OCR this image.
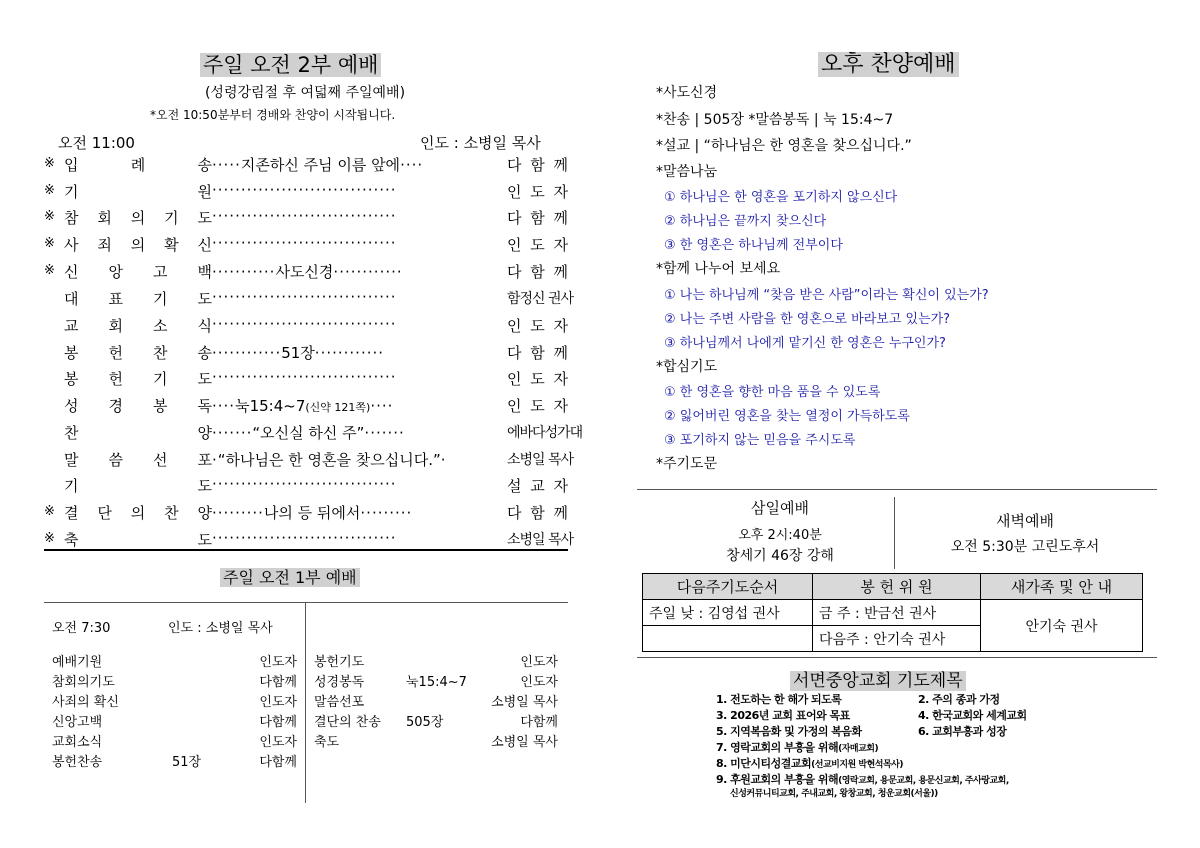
주일 오전 2부 예배
(성령강림절 후 여덟째 주일예배)
*오전 10:50분부터 경배와 찬양이 시작됩니다.
오전 11:00	인도 : 소병일 목사
※ 입	례	송 ·····지존하신 주님 이름 앞에····	다 함 께
※ 기	원 ································	인 도 자
※ 참 회 의 기 도 ································	다 함 께
※ 사 죄 의 확 신 ································	인 도 자
※ 신 앙 고 백 ···········사도신경············	다 함 께
대 표 기 도 ································	함정신 권사
교 회 소 식 ································	인 도 자
봉 헌 찬 송 ············51장············	다 함 께
봉 헌 기 도 ································	인 도 자
성 경 봉 독 ····눅15:4~7(신약 121쪽)····	인 도 자
찬	양 ·······“오신실 하신 주”·······	에바다성가대
말 씀 선 포 ·“하나님은 한 영혼을 찾으십니다.”·	소병일 목사
기	도 ································	설 교 자
※ 결 단 의 찬 양 ·········나의 등 뒤에서·········	다 함 께
※ 축	도 ································	소병일 목사
주일 오전 1부 예배
오전 7:30	인도 : 소병일 목사
예배기원	인도자
참회의기도	다함께
사죄의 확신	인도자
신앙고백	다함께
교회소식	인도자
봉헌찬송	51장	다함께
봉헌기도	인도자
성경봉독	눅15:4~7	인도자
말씀선포	소병일 목사
결단의 찬송 505장	다함께
축도	소병일 목사
오후 찬양예배
*사도신경
*찬송 | 505장 *말씀봉독 | 눅 15:4~7
*설교 | “하나님은 한 영혼을 찾으십니다.”
*말씀나눔
① 하나님은 한 영혼을 포기하지 않으신다
② 하나님은 끝까지 찾으신다
③ 한 영혼은 하나님께 전부이다
*함께 나누어 보세요
① 나는 하나님께 “찾음 받은 사람”이라는 확신이 있는가?
② 나는 주변 사람을 한 영혼으로 바라보고 있는가?
③ 하나님께서 나에게 맡기신 한 영혼은 누구인가?
*합심기도
① 한 영혼을 향한 마음 품을 수 있도록
② 잃어버린 영혼을 찾는 열정이 가득하도록
③ 포기하지 않는 믿음을 주시도록
*주기도문
삼일예배
오후 2시:40분
창세기 46장 강해
새벽예배
오전 5:30분 고린도후서
다음주기도순서	봉 헌 위 원	새가족 및 안 내
주일 낮 : 김영섭 권사	금 주 : 반금선 권사	안기숙 권사
	다음주 : 안기숙 권사	
서면중앙교회 기도제목
1. 전도하는 한 해가 되도록	2. 주의 종과 가정
3. 2026년 교회 표어와 목표	4. 한국교회와 세계교회
5. 지역복음화 및 가정의 복음화	6. 교회부흥과 성장
7. 영락교회의 부흥을 위해(자매교회)
8. 미단시티성결교회(선교비지원 박현석목사)
9. 후원교회의 부흥을 위해(영락교회, 용문교회, 용문신교회, 주사랑교회,
신성커뮤니티교회, 주내교회, 왕창교회, 청운교회(서울))
